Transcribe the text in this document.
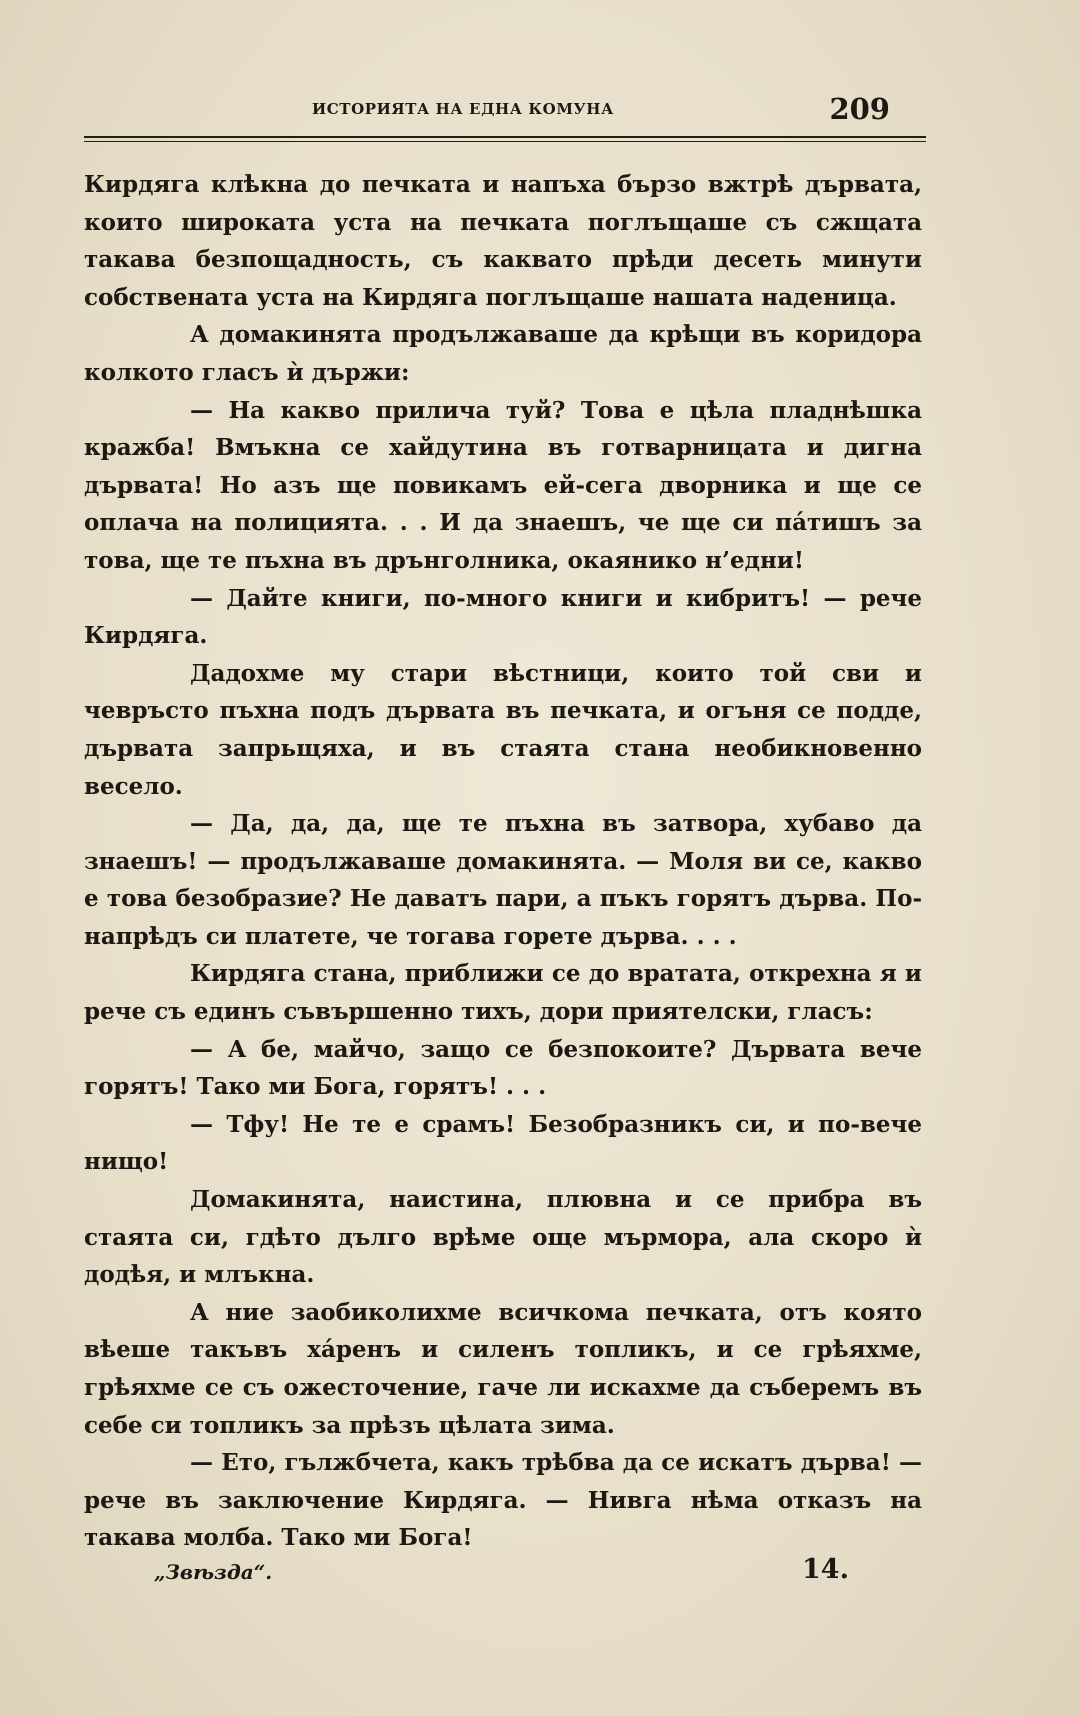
ИСТОРИЯТА НА ЕДНА КОМУНА	209

Кирдяга клѣкна до печката и напъха бързо вжтрѣ дървата, които широката уста на печката поглъщаше съ сжщата такава безпощадность, съ каквато прѣди десеть минути собствената уста на Кирдяга поглъщаше нашата наденица.

А домакинята продължаваше да крѣщи въ коридора колкото гласъ ѝ държи:

— На какво прилича туй? Това е цѣла пладнѣшка кражба! Вмъкна се хайдутина въ готварницата и дигна дървата! Но азъ ще повикамъ ей-сега дворника и ще се оплача на полицията. . . И да знаешъ, че ще си пáтишъ за това, ще те пъхна въ дрънголника, окаянико н’едни!

— Дайте книги, по-много книги и кибритъ! — рече Кирдяга.

Дадохме му стари вѣстници, които той сви и чевръсто пъхна подъ дървата въ печката, и огъня се подде, дървата запрьщяха, и въ стаята стана необикновенно весело.

— Да, да, да, ще те пъхна въ затвора, хубаво да знаешъ! — продължаваше домакинята. — Моля ви се, какво е това безобразие? Не даватъ пари, а пъкъ горятъ дърва. По-напрѣдъ си платете, че тогава горете дърва. . . .

Кирдяга стана, приближи се до вратата, открехна я и рече съ единъ съвършенно тихъ, дори приятелски, гласъ:

— А бе, майчо, защо се безпокоите? Дървата вече горятъ! Тако ми Бога, горятъ! . . .

— Тфу! Не те е срамъ! Безобразникъ си, и по-вече нищо!

Домакинята, наистина, плювна и се прибра въ стаята си, гдѣто дълго врѣме още мърмора, ала скоро ѝ додѣя, и млъкна.

А ние заобиколихме всичкома печката, отъ която вѣеше такъвъ хáренъ и силенъ топликъ, и се грѣяхме, грѣяхме се съ ожесточение, гаче ли искахме да съберемъ въ себе си топликъ за прѣзъ цѣлата зима.

— Ето, гължбчета, какъ трѣбва да се искатъ дърва! — рече въ заключение Кирдяга. — Нивга нѣма отказъ на такава молба. Тако ми Бога!

„Звѣзда“.	14.
